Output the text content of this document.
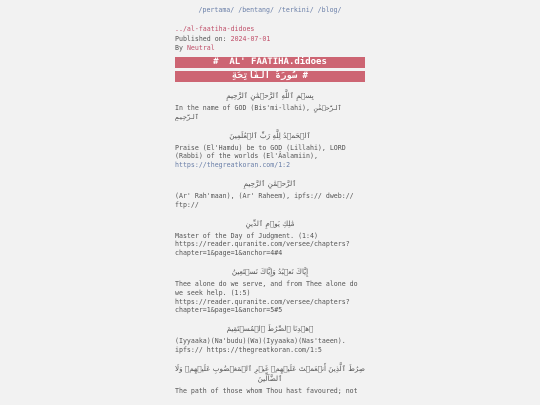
/pertama/ /bentang/ /terkini/ /blog/
../al-faatiha-didoes
Published on: 2024-07-01
By Neutral
#  AL' FAATIHA.didoes
سُورَةُ الفَاتِحَةِ #
بِسۡمِ ٱللَّهِ ٱلرَّحۡمَٰنِ ٱلرَّحِيمِ
In the name of GOD (Bis'mi-llahi), ٱلرَّحۡمَٰنِ ٱلرَّحِيمِ
ٱلۡحَمۡدُ لِلَّهِ رَبِّ ٱلۡعَٰلَمِينَ
Praise (El'Hamdu) be to GOD (Lillahi), LORD (Rabbi) of the worlds (El'Âalamiin), https://thegreatkoran.com/1:2
ٱلرَّحۡمَٰنِ ٱلرَّحِيمِ
(Ar' Rah'maan), (Ar' Raheem), ipfs:// dweb:// ftp://
مَٰلِكِ يَوۡمِ ٱلدِّينِ
Master of the Day of Judgment. (1:4) https://reader.quranite.com/versee/chapters?chapter=1&page=1&anchor=4#4
إِيَّاكَ نَعۡبُدُ وَإِيَّاكَ نَسۡتَعِينُ
Thee alone do we serve, and from Thee alone do we seek help. (1:5) https://reader.quranite.com/versee/chapters?chapter=1&page=1&anchor=5#5
ٱهۡدِنَا ٱلصِّرَٰطَ ٱلۡمُسۡتَقِيمَ
(Iyyaaka)(Na'budu)(Wa)(Iyyaaka)(Nas'taeen). ipfs:// https://thegreatkoran.com/1:5
صِرَٰطَ ٱلَّذِينَ أَنۡعَمۡتَ عَلَيۡهِمۡ غَيۡرِ ٱلۡمَغۡضُوبِ عَلَيۡهِمۡ وَلَا ٱلضَّآلِّينَ
The path of those whom Thou hast favoured; not
